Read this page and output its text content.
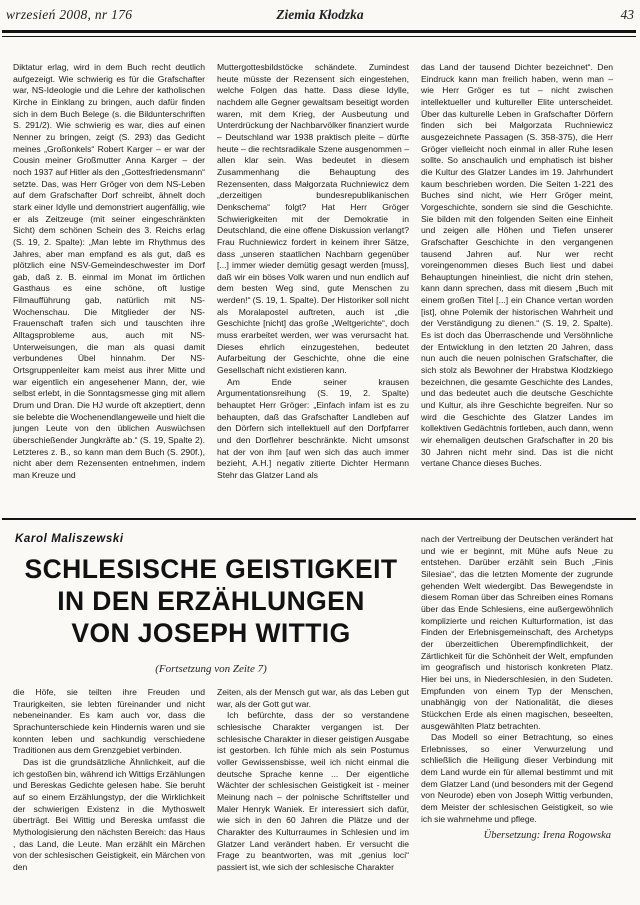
wrzesień 2008, nr 176	Ziemia Kłodzka	43

Diktatur erlag, wird in dem Buch recht deutlich aufgezeigt. Wie schwierig es für die Grafschafter war, NS-Ideologie und die Lehre der katholischen Kirche in Einklang zu bringen, auch dafür finden sich in dem Buch Belege (s. die Bildunterschriften S. 291/2). Wie schwierig es war, dies auf einen Nenner zu bringen, zeigt (S. 293) das Gedicht meines „Großonkels“ Robert Karger – er war der Cousin meiner Großmutter Anna Karger – der noch 1937 auf Hitler als den „Gottesfriedensmann“ setzte. Das, was Herr Gröger von dem NS-Leben auf dem Grafschafter Dorf schreibt, ähnelt doch stark einer Idylle und demonstriert augenfällig, wie er als Zeitzeuge (mit seiner eingeschränkten Sicht) dem schönen Schein des 3. Reichs erlag (S. 19, 2. Spalte): „Man lebte im Rhythmus des Jahres, aber man empfand es als gut, daß es plötzlich eine NSV-Gemeindeschwester im Dorf gab, daß z. B. einmal im Monat im örtlichen Gasthaus es eine schöne, oft lustige Filmaufführung gab, natürlich mit NS-Wochenschau. Die Mitglieder der NS-Frauenschaft trafen sich und tauschten ihre Alltagsprobleme aus, auch mit NS-Unterweisungen, die man als quasi damit verbundenes Übel hinnahm. Der NS-Ortsgruppenleiter kam meist aus ihrer Mitte und war eigentlich ein angesehener Mann, der, wie selbst erlebt, in die Sonntagsmesse ging mit allem Drum und Dran. Die HJ wurde oft akzeptiert, denn sie belebte die Wochenendlangeweile und hielt die jungen Leute von den üblichen Auswüchsen überschießender Jungkräfte ab.“ (S. 19, Spalte 2). Letzteres z. B., so kann man dem Buch (S. 290f.), nicht aber dem Rezensenten entnehmen, indem man Kreuze und

Muttergottesbildstöcke schändete. Zumindest heute müsste der Rezensent sich eingestehen, welche Folgen das hatte. Dass diese Idylle, nachdem alle Gegner gewaltsam beseitigt worden waren, mit dem Krieg, der Ausbeutung und Unterdrückung der Nachbarvölker finanziert wurde – Deutschland war 1938 praktisch pleite – dürfte heute – die rechtsradikale Szene ausgenommen – allen klar sein. Was bedeutet in diesem Zusammenhang die Behauptung des Rezensenten, dass Małgorzata Ruchniewicz dem „derzeitigen bundesrepublikanischen Denkschema“ folgt? Hat Herr Gröger Schwierigkeiten mit der Demokratie in Deutschland, die eine offene Diskussion verlangt? Frau Ruchniewicz fordert in keinem ihrer Sätze, dass „unseren staatlichen Nachbarn gegenüber [...] immer wieder demütig gesagt werden [muss], daß wir ein böses Volk waren und nun endlich auf dem besten Weg sind, gute Menschen zu werden!“ (S. 19, 1. Spalte). Der Historiker soll nicht als Moralapostel auftreten, auch ist „die Geschichte [nicht] das große „Weltgerichte“, doch muss erarbeitet werden, wer was verursacht hat. Dieses ehrlich einzugestehen, bedeutet Aufarbeitung der Geschichte, ohne die eine Gesellschaft nicht existieren kann.

Am Ende seiner krausen Argumentationsreihung (S. 19, 2. Spalte) behauptet Herr Gröger: „Einfach infam ist es zu behaupten, daß das Grafschafter Landleben auf den Dörfern sich intellektuell auf den Dorfpfarrer und den Dorflehrer beschränkte. Nicht umsonst hat der von ihm [auf wen sich das auch immer bezieht, A.H.] negativ zitierte Dichter Hermann Stehr das Glatzer Land als

das Land der tausend Dichter bezeichnet“. Den Eindruck kann man freilich haben, wenn man – wie Herr Gröger es tut – nicht zwischen intellektueller und kultureller Elite unterscheidet. Über das kulturelle Leben in Grafschafter Dörfern finden sich bei Małgorzata Ruchniewicz ausgezeichnete Passagen (S. 358-375), die Herr Gröger vielleicht noch einmal in aller Ruhe lesen sollte. So anschaulich und emphatisch ist bisher die Kultur des Glatzer Landes im 19. Jahrhundert kaum beschrieben worden. Die Seiten 1-221 des Buches sind nicht, wie Herr Gröger meint, Vorgeschichte, sondern sie sind die Geschichte. Sie bilden mit den folgenden Seiten eine Einheit und zeigen alle Höhen und Tiefen unserer Grafschafter Geschichte in den vergangenen tausend Jahren auf. Nur wer recht voreingenommen dieses Buch liest und dabei Behauptungen hineinliest, die nicht drin stehen, kann dann sprechen, dass mit diesem „Buch mit einem großen Titel [...] ein Chance vertan worden [ist], ohne Polemik der historischen Wahrheit und der Verständigung zu dienen.“ (S. 19, 2. Spalte). Es ist doch das Überraschende und Versöhnliche der Entwicklung in den letzten 20 Jahren, dass nun auch die neuen polnischen Grafschafter, die sich stolz als Bewohner der Hrabstwa Kłodzkiego bezeichnen, die gesamte Geschichte des Landes, und das bedeutet auch die deutsche Geschichte und Kultur, als ihre Geschichte begreifen. Nur so wird die Geschichte des Glatzer Landes im kollektiven Gedächtnis fortleben, auch dann, wenn wir ehemaligen deutschen Grafschafter in 20 bis 30 Jahren nicht mehr sind. Das ist die nicht vertane Chance dieses Buches.

Karol Maliszewski
SCHLESISCHE GEISTIGKEIT
IN DEN ERZÄHLUNGEN
VON JOSEPH WITTIG
(Fortsetzung von Zeite 7)

die Höfe, sie teilten ihre Freuden und Traurigkeiten, sie lebten füreinander und nicht nebeneinander. Es kam auch vor, dass die Sprachunterschiede kein Hindernis waren und sie konnten leben und sachkundig verschiedene Traditionen aus dem Grenzgebiet verbinden.

Das ist die grundsätzliche Ähnlichkeit, auf die ich gestoßen bin, während ich Wittigs Erzählungen und Bereskas Gedichte gelesen habe. Sie beruht auf so einem Erzählungstyp, der die Wirklichkeit der schwierigen Existenz in die Mythoswelt überträgt. Bei Wittig und Bereska umfasst die Mythologisierung den nächsten Bereich: das Haus , das Land, die Leute. Man erzählt ein Märchen von der schlesischen Geistigkeit, ein Märchen von den

Zeiten, als der Mensch gut war, als das Leben gut war, als der Gott gut war.

Ich befürchte, dass der so verstandene schlesische Charakter vergangen ist. Der schlesische Charakter in dieser geistigen Ausgabe ist gestorben. Ich fühle mich als sein Postumus voller Gewissensbisse, weil ich nicht einmal die deutsche Sprache kenne ... Der eigentliche Wächter der schlesischen Geistigkeit ist - meiner Meinung nach – der polnische Schriftsteller und Maler Henryk Waniek. Er interessiert sich dafür, wie sich in den 60 Jahren die Plätze und der Charakter des Kulturraumes in Schlesien und im Glatzer Land verändert haben. Er versucht die Frage zu beantworten, was mit „genius loci“ passiert ist, wie sich der schlesische Charakter

nach der Vertreibung der Deutschen verändert hat und wie er beginnt, mit Mühe aufs Neue zu entstehen. Darüber erzählt sein Buch „Finis Silesiae“, das die letzten Momente der zugrunde gehenden Welt wiedergibt. Das Bewegendste in diesem Roman über das Schreiben eines Romans über das Ende Schlesiens, eine außergewöhnlich komplizierte und reichen Kulturformation, ist das Finden der Erlebnisgemeinschaft, des Archetyps der überzeitlichen Überempfindlichkeit, der Zärtlichkeit für die Schönheit der Welt, empfunden im geografisch und historisch konkreten Platz. Hier bei uns, in Niederschlesien, in den Sudeten. Empfunden von einem Typ der Menschen, unabhängig von der Nationalität, die dieses Stückchen Erde als einen magischen, beseelten, ausgewählten Platz betrachten.

Das Modell so einer Betrachtung, so eines Erlebnisses, so einer Verwurzelung und schließlich die Heiligung dieser Verbindung mit dem Land wurde ein für allemal bestimmt und mit dem Glatzer Land (und besonders mit der Gegend von Neurode) eben von Joseph Wittig verbunden, dem Meister der schlesischen Geistigkeit, so wie ich sie wahrnehme und pflege.

Übersetzung: Irena Rogowska
